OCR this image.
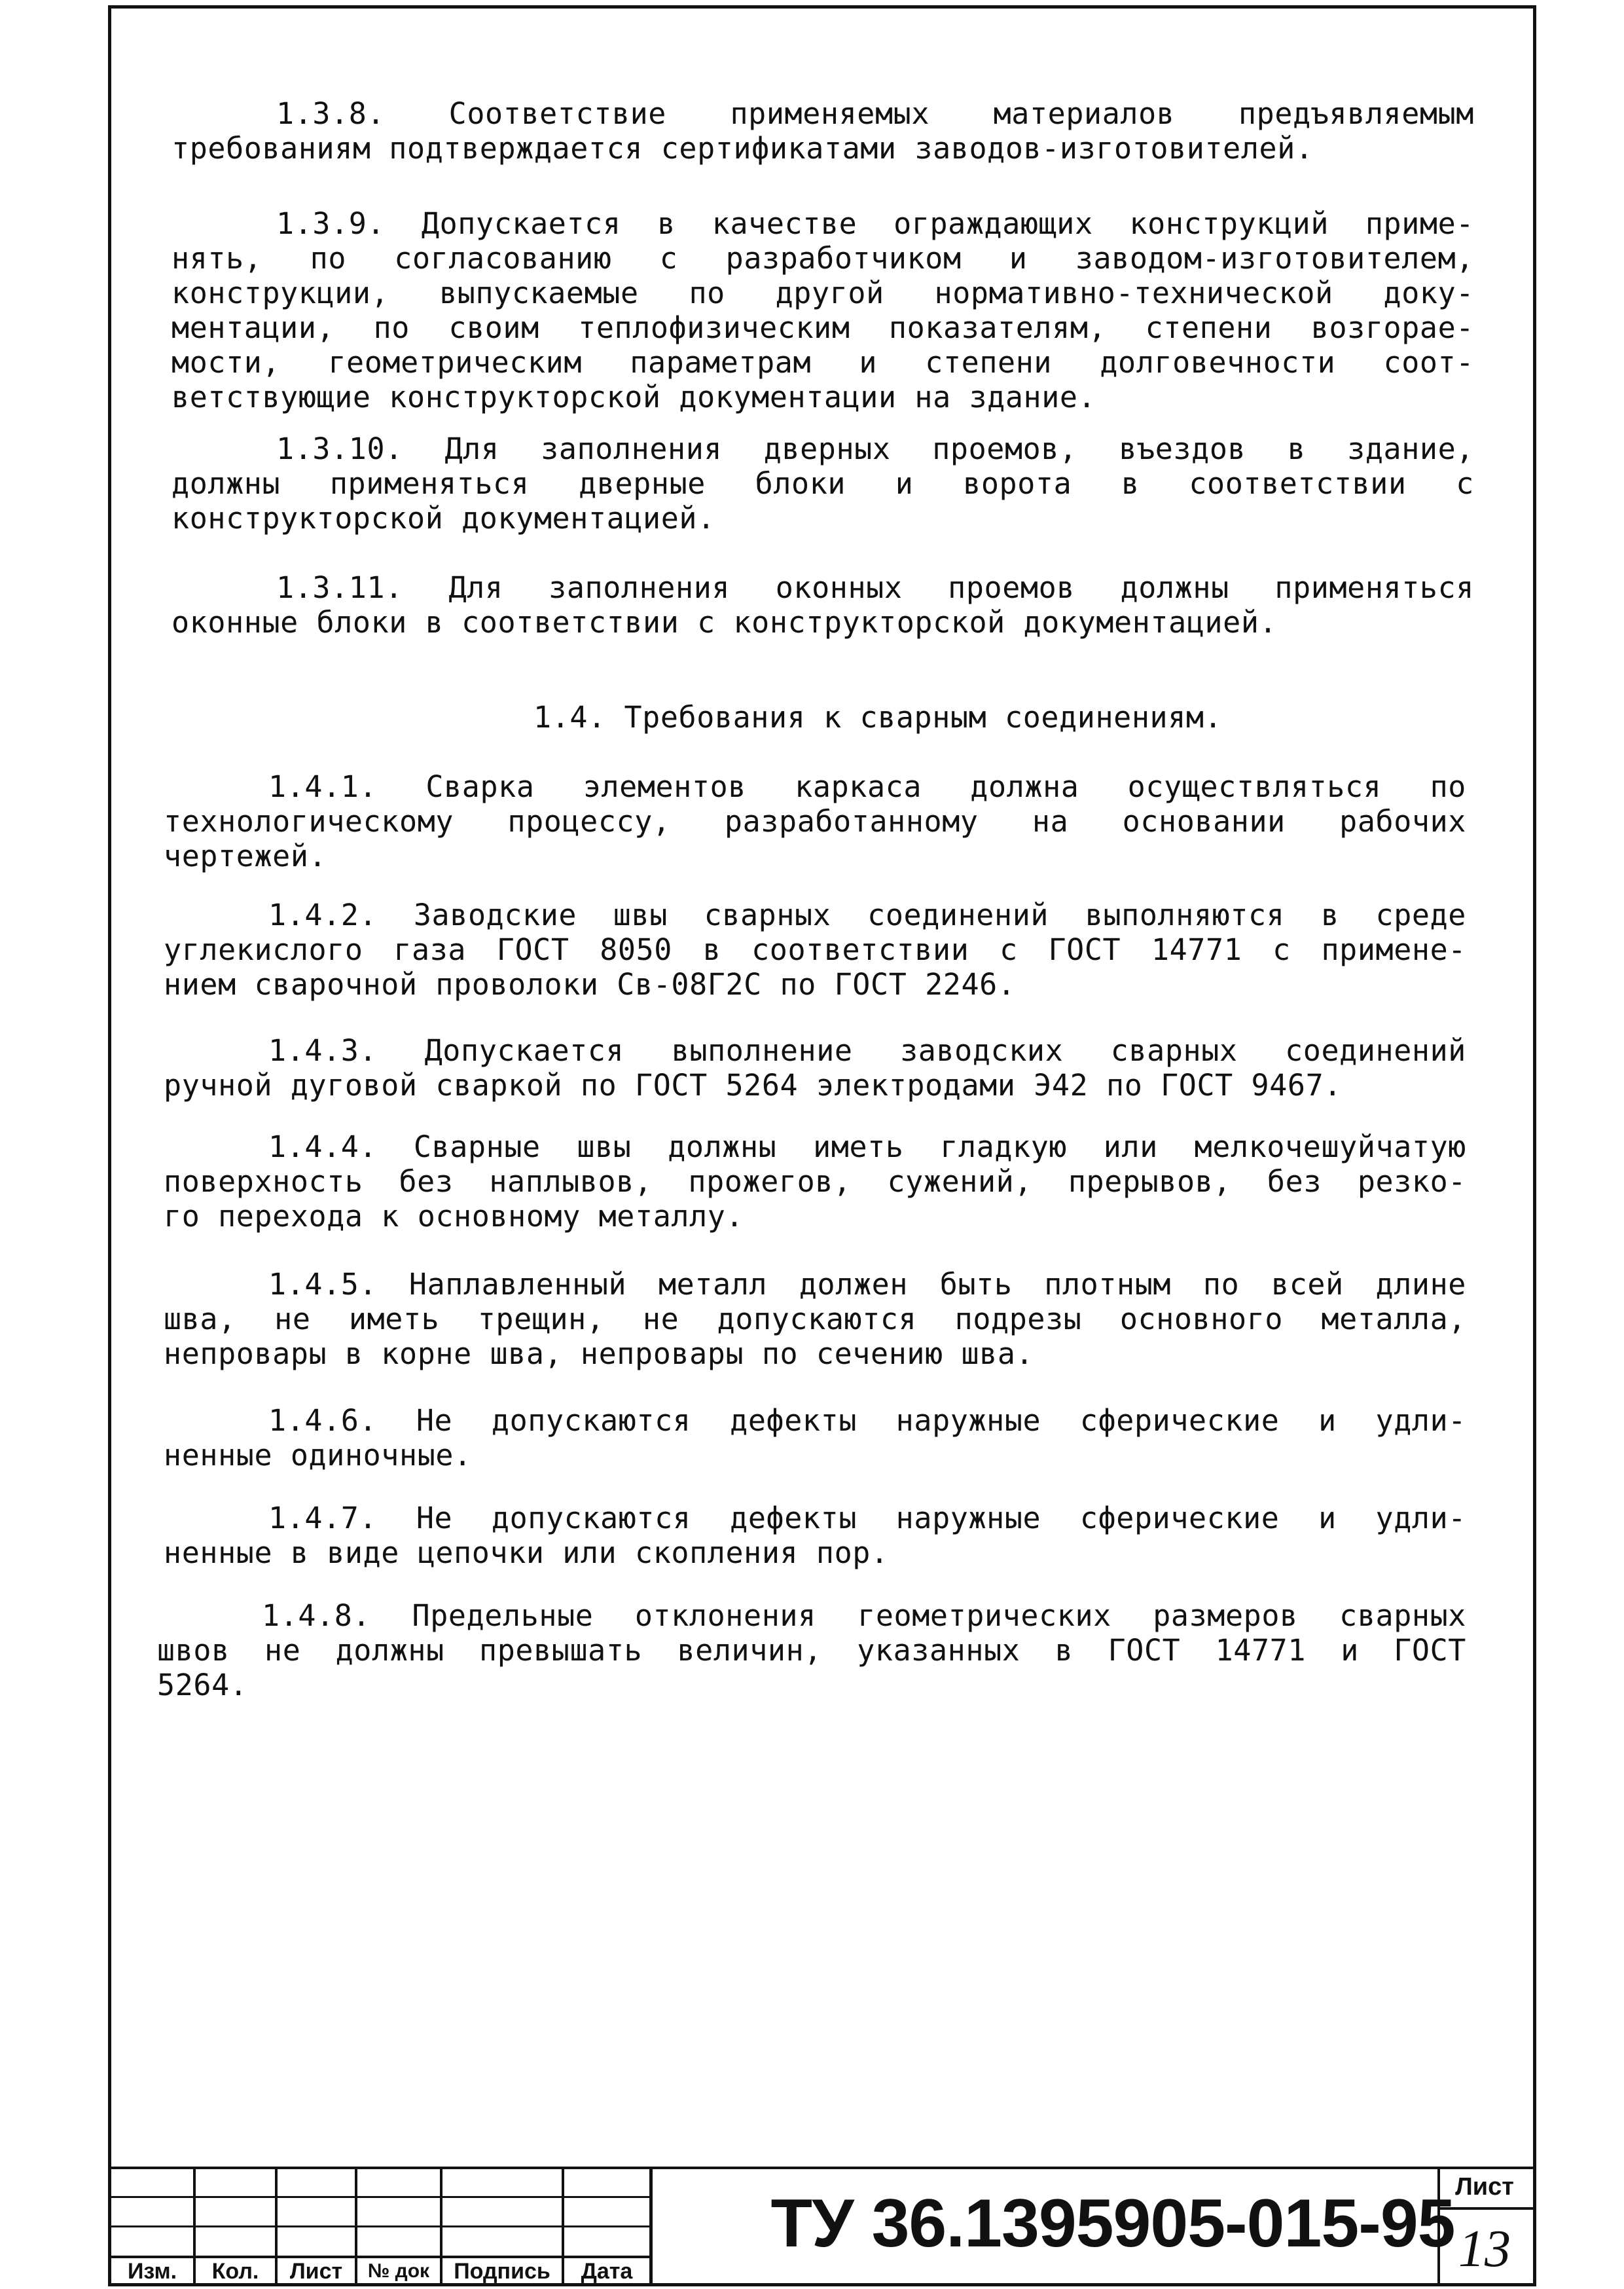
1.3.8. Соответствие применяемых материалов предъявляемым
требованиям подтверждается сертификатами заводов-изготовителей.
1.3.9. Допускается в качестве ограждающих конструкций приме-
нять, по согласованию с разработчиком и заводом-изготовителем,
конструкции, выпускаемые по другой нормативно-технической доку-
ментации, по своим теплофизическим показателям, степени возгорае-
мости, геометрическим параметрам и степени долговечности соот-
ветствующие конструкторской документации на здание.
1.3.10. Для заполнения дверных проемов, въездов в здание,
должны применяться дверные блоки и ворота в соответствии с
конструкторской документацией.
1.3.11. Для заполнения оконных проемов должны применяться
оконные блоки в соответствии с конструкторской документацией.
1.4. Требования к сварным соединениям.
1.4.1. Сварка элементов каркаса должна осуществляться по
технологическому процессу, разработанному на основании рабочих
чертежей.
1.4.2. Заводские швы сварных соединений выполняются в среде
углекислого газа ГОСТ 8050 в соответствии с ГОСТ 14771 с примене-
нием сварочной проволоки Св-08Г2С по ГОСТ 2246.
1.4.3. Допускается выполнение заводских сварных соединений
ручной дуговой сваркой по ГОСТ 5264 электродами Э42 по ГОСТ 9467.
1.4.4. Сварные швы должны иметь гладкую или мелкочешуйчатую
поверхность без наплывов, прожегов, сужений, прерывов, без резко-
го перехода к основному металлу.
1.4.5. Наплавленный металл должен быть плотным по всей длине
шва, не иметь трещин, не допускаются подрезы основного металла,
непровары в корне шва, непровары по сечению шва.
1.4.6. Не допускаются дефекты наружные сферические и удли-
ненные одиночные.
1.4.7. Не допускаются дефекты наружные сферические и удли-
ненные в виде цепочки или скопления пор.
1.4.8. Предельные отклонения геометрических размеров сварных
швов не должны превышать величин, указанных в ГОСТ 14771 и ГОСТ
5264.
Изм.	Кол.	Лист	№ док	Подпись	Дата
ТУ 36.1395905-015-95 Лист
13
